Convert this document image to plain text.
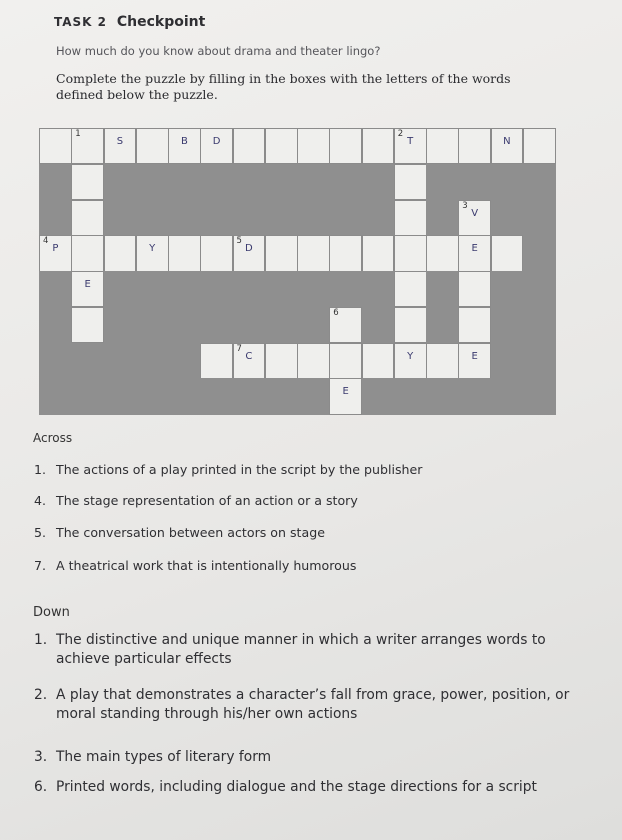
TASK 2 Checkpoint
How much do you know about drama and theater lingo?
Complete the puzzle by filling in the boxes with the letters of the words defined below the puzzle.
1
S	B	D
2
T	N
3
V
4
P	Y
5
D	E
E
6
7
C	Y	E
E
Across
1. The actions of a play printed in the script by the publisher
4. The stage representation of an action or a story
5. The conversation between actors on stage
7. A theatrical work that is intentionally humorous
Down
1. The distinctive and unique manner in which a writer arranges words to achieve particular effects
2. A play that demonstrates a character’s fall from grace, power, position, or moral standing through his/her own actions
3. The main types of literary form
6. Printed words, including dialogue and the stage directions for a script
